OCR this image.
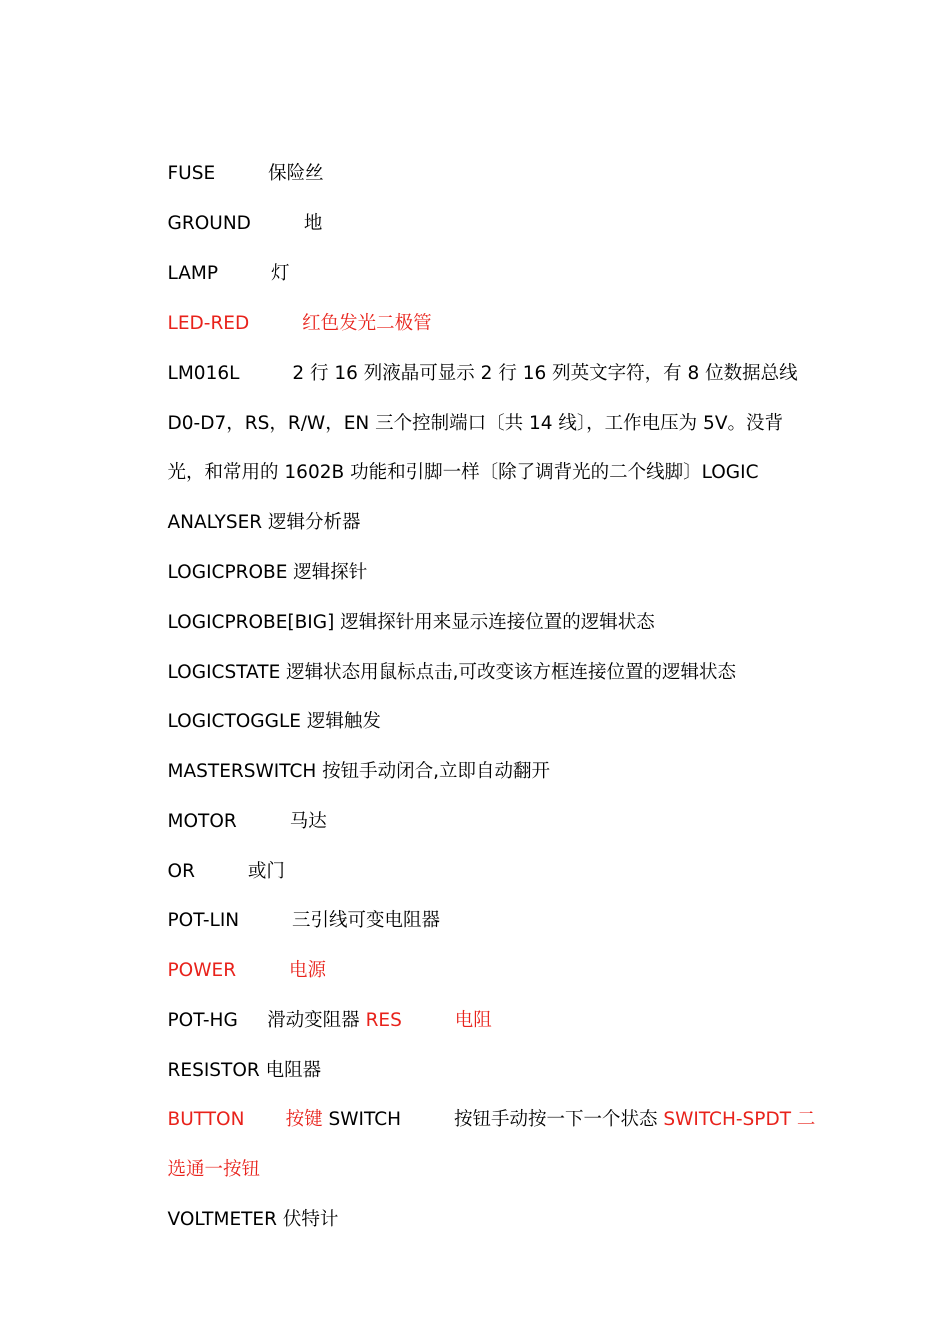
FUSE         保险丝

GROUND         地

LAMP         灯

LED-RED         红色发光二极管

LM016L         2 行 16 列液晶可显示 2 行 16 列英文字符，有 8 位数据总线

D0-D7，RS，R/W，EN 三个控制端口〔共 14 线〕，工作电压为 5V。没背

光，和常用的 1602B 功能和引脚一样〔除了调背光的二个线脚〕LOGIC

ANALYSER 逻辑分析器

LOGICPROBE 逻辑探针

LOGICPROBE[BIG] 逻辑探针用来显示连接位置的逻辑状态

LOGICSTATE 逻辑状态用鼠标点击,可改变该方框连接位置的逻辑状态

LOGICTOGGLE 逻辑触发

MASTERSWITCH 按钮手动闭合,立即自动翻开

MOTOR         马达

OR         或门

POT-LIN         三引线可变电阻器

POWER         电源

POT-HG     滑动变阻器 RES         电阻

RESISTOR 电阻器

BUTTON       按键 SWITCH         按钮手动按一下一个状态 SWITCH-SPDT 二

选通一按钮

VOLTMETER 伏特计
